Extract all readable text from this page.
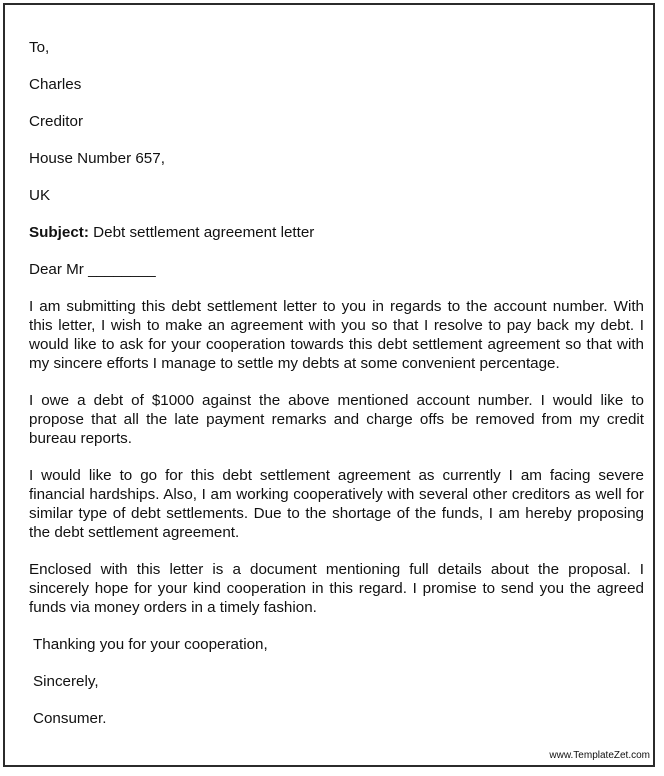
To,
Charles
Creditor
House Number 657,
UK
Subject: Debt settlement agreement letter
Dear Mr ________
I am submitting this debt settlement letter to you in regards to the account number. With this letter, I wish to make an agreement with you so that I resolve to pay back my debt. I would like to ask for your cooperation towards this debt settlement agreement so that with my sincere efforts I manage to settle my debts at some convenient percentage.
I owe a debt of $1000 against the above mentioned account number. I would like to propose that all the late payment remarks and charge offs be removed from my credit bureau reports.
I would like to go for this debt settlement agreement as currently I am facing severe financial hardships. Also, I am working cooperatively with several other creditors as well for similar type of debt settlements. Due to the shortage of the funds, I am hereby proposing the debt settlement agreement.
Enclosed with this letter is a document mentioning full details about the proposal. I sincerely hope for your kind cooperation in this regard. I promise to send you the agreed funds via money orders in a timely fashion.
Thanking you for your cooperation,
Sincerely,
Consumer.
www.TemplateZet.com
